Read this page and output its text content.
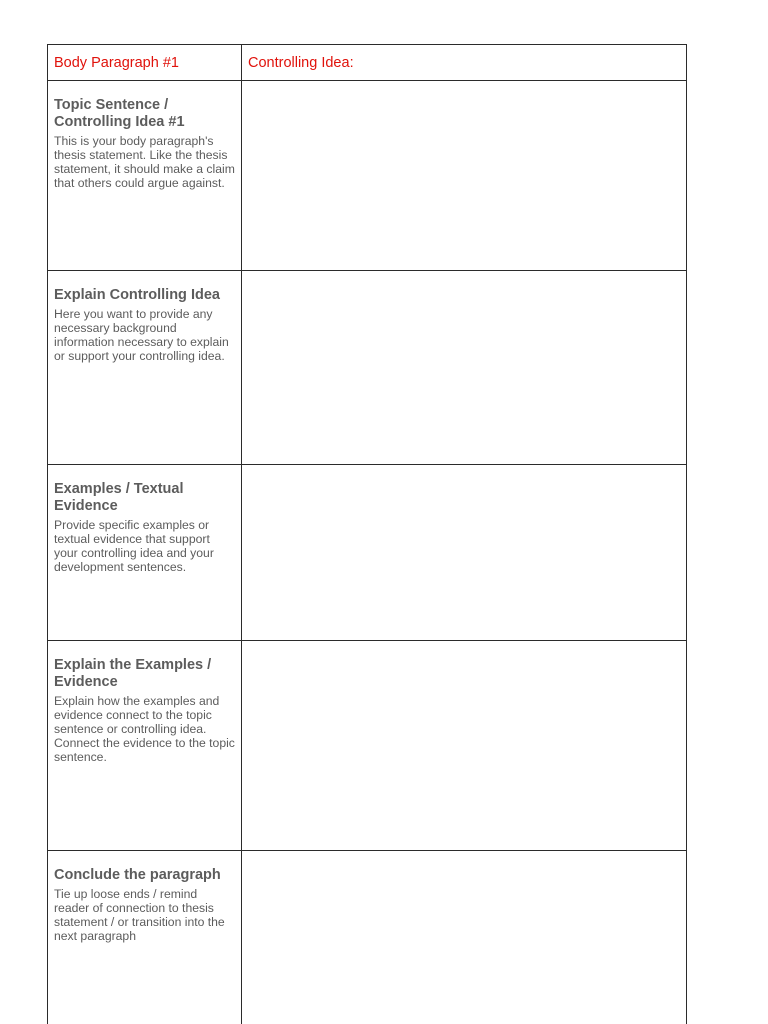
Body Paragraph #1	Controlling Idea:

Topic Sentence / Controlling Idea #1
This is your body paragraph's thesis statement. Like the thesis statement, it should make a claim that others could argue against.	

Explain Controlling Idea
Here you want to provide any necessary background information necessary to explain or support your controlling idea.	

Examples / Textual Evidence
Provide specific examples or textual evidence that support your controlling idea and your development sentences.	

Explain the Examples / Evidence
Explain how the examples and evidence connect to the topic sentence or controlling idea. Connect the evidence to the topic sentence.	

Conclude the paragraph
Tie up loose ends / remind reader of connection to thesis statement / or transition into the next paragraph	
